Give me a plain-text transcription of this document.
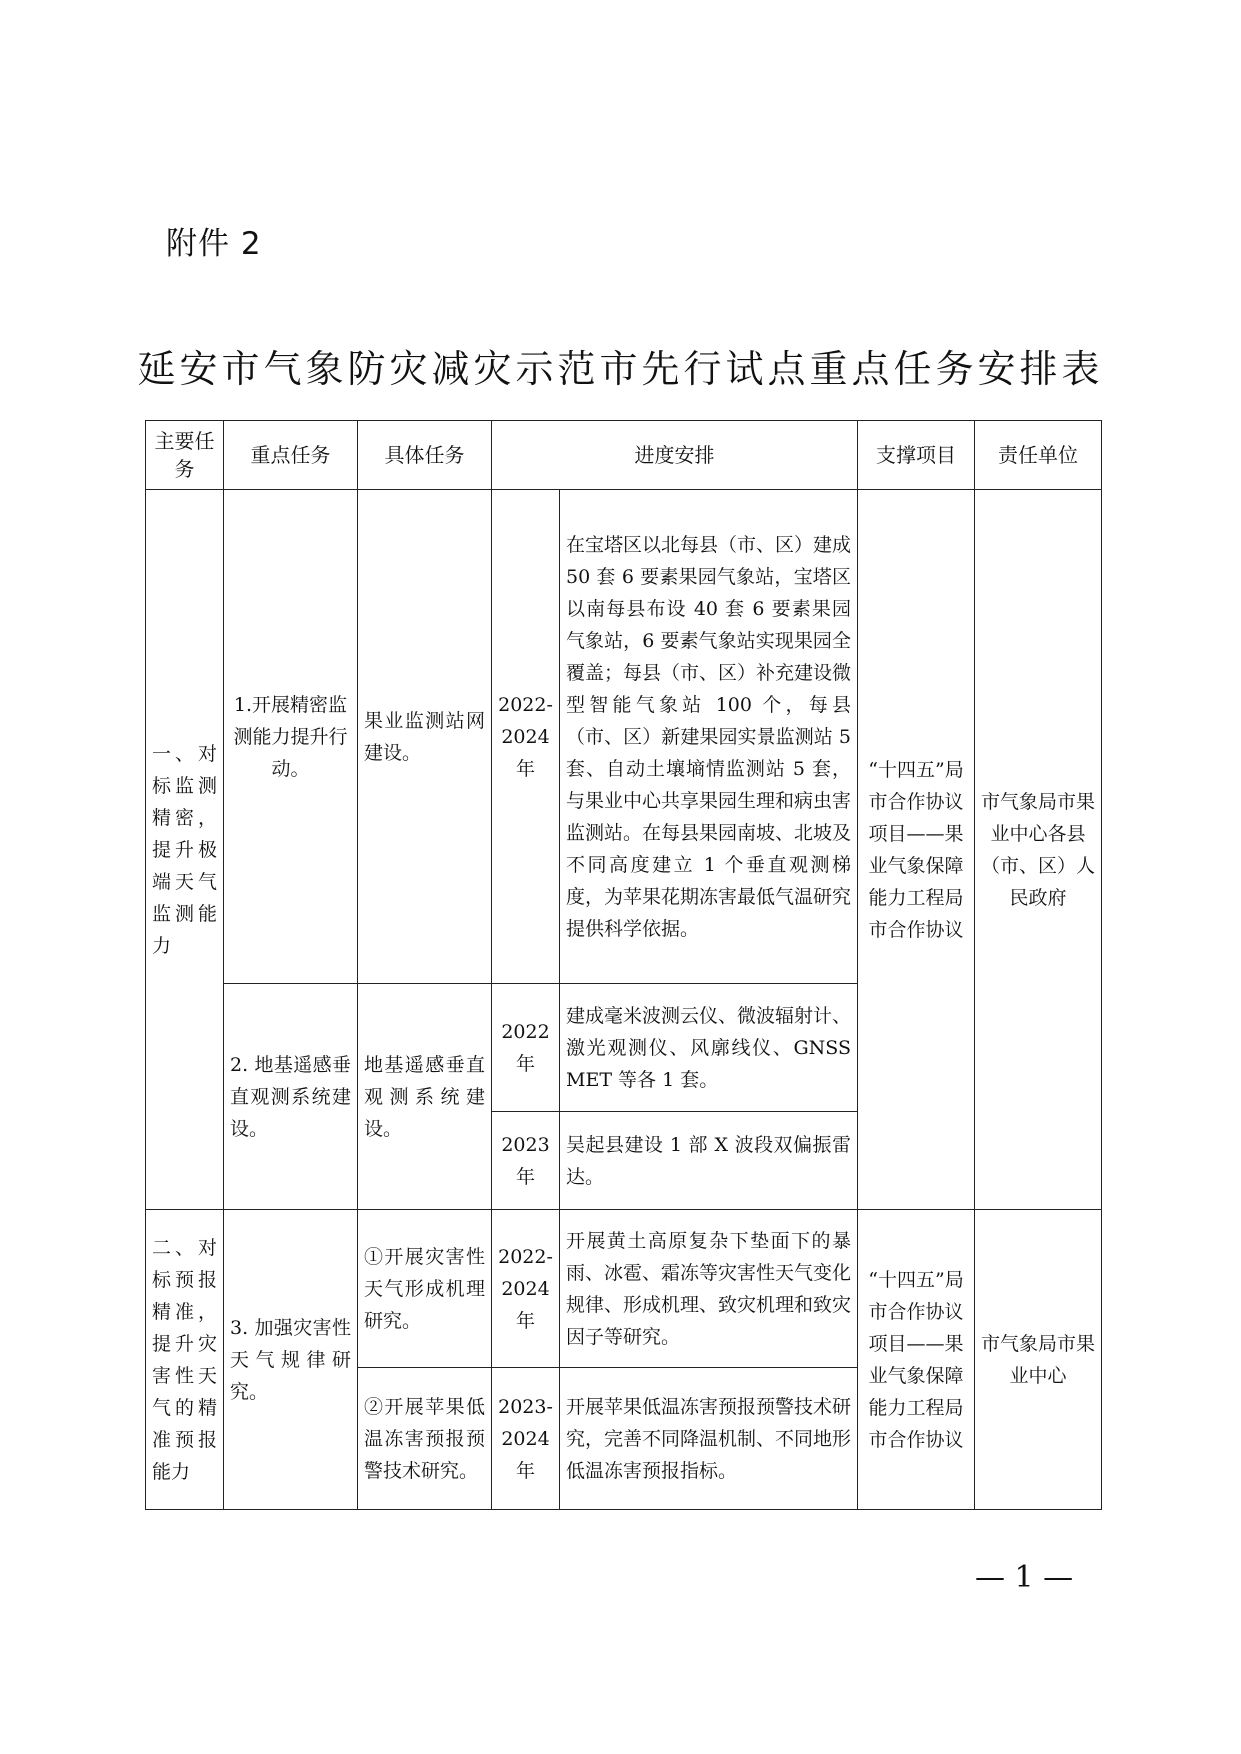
附件 2
延安市气象防灾减灾示范市先行试点重点任务安排表
主要任务	重点任务	具体任务	进度安排		支撑项目	责任单位
一、对标监测精密，提升极端天气监测能力	1.开展精密监测能力提升行动。	果业监测站网建设。	2022-2024年	在宝塔区以北每县（市、区）建成 50 套 6 要素果园气象站，宝塔区以南每县布设 40 套 6 要素果园气象站，6 要素气象站实现果园全覆盖；每县（市、区）补充建设微型智能气象站 100 个，每县（市、区）新建果园实景监测站 5 套、自动土壤墒情监测站 5 套，与果业中心共享果园生理和病虫害监测站。在每县果园南坡、北坡及不同高度建立 1 个垂直观测梯度，为苹果花期冻害最低气温研究提供科学依据。	“十四五”局市合作协议项目——果业气象保障能力工程局市合作协议	市气象局市果业中心各县（市、区）人民政府
	2. 地基遥感垂直观测系统建设。	地基遥感垂直观测系统建设。	2022年	建成毫米波测云仪、微波辐射计、激光观测仪、风廓线仪、GNSSMET 等各 1 套。		
			2023年	吴起县建设 1 部 X 波段双偏振雷达。		
二、对标预报精准，提升灾害性天气的精准预报能力	3. 加强灾害性天气规律研究。	①开展灾害性天气形成机理研究。	2022-2024年	开展黄土高原复杂下垫面下的暴雨、冰雹、霜冻等灾害性天气变化规律、形成机理、致灾机理和致灾因子等研究。	“十四五”局市合作协议项目——果 业气象保障能力工程局市合作协议	市气象局市果业中心
		②开展苹果低温冻害预报预警技术研究。	2023-2024年	开展苹果低温冻害预报预警技术研究，完善不同降温机制、不同地形低温冻害预报指标。		
— 1 —
